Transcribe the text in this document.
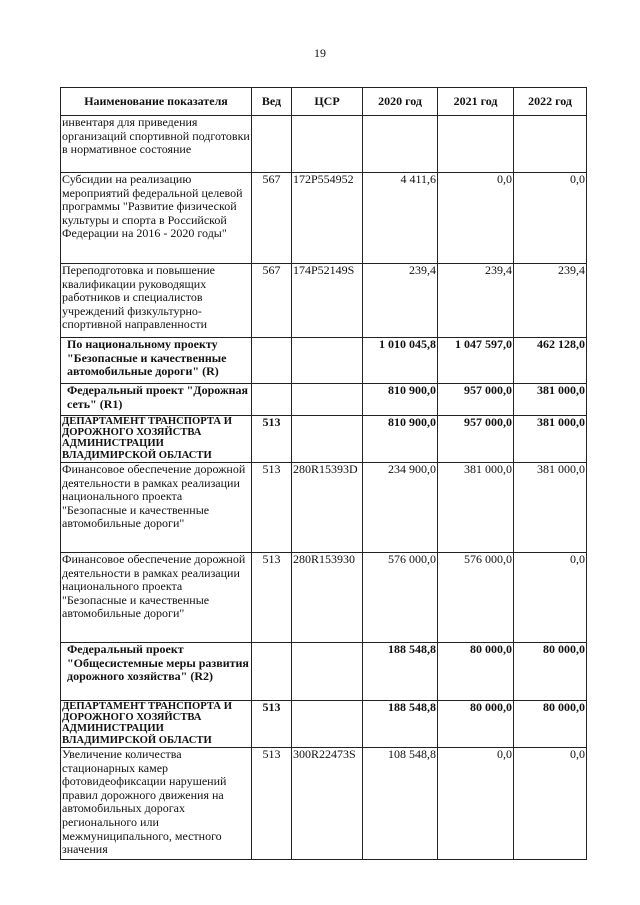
19
Наименование показателя	Вед	ЦСР	2020 год	2021 год	2022 год
инвентаря для приведения организаций спортивной подготовки в нормативное состояние					
Субсидии на реализацию мероприятий федеральной целевой программы "Развитие физической культуры и спорта в Российской Федерации на 2016 - 2020 годы"	567	172P554952	4 411,6	0,0	0,0
Переподготовка и повышение квалификации руководящих работников и специалистов учреждений физкультурно-спортивной направленности	567	174P52149S	239,4	239,4	239,4
По национальному проекту "Безопасные и качественные автомобильные дороги" (R)			1 010 045,8	1 047 597,0	462 128,0
Федеральный проект "Дорожная сеть" (R1)			810 900,0	957 000,0	381 000,0
ДЕПАРТАМЕНТ ТРАНСПОРТА И ДОРОЖНОГО ХОЗЯЙСТВА АДМИНИСТРАЦИИ ВЛАДИМИРСКОЙ ОБЛАСТИ	513		810 900,0	957 000,0	381 000,0
Финансовое обеспечение дорожной деятельности в рамках реализации национального проекта "Безопасные и качественные автомобильные дороги"	513	280R15393D	234 900,0	381 000,0	381 000,0
Финансовое обеспечение дорожной деятельности в рамках реализации национального проекта "Безопасные и качественные автомобильные дороги"	513	280R153930	576 000,0	576 000,0	0,0
Федеральный проект "Общесистемные меры развития дорожного хозяйства" (R2)			188 548,8	80 000,0	80 000,0
ДЕПАРТАМЕНТ ТРАНСПОРТА И ДОРОЖНОГО ХОЗЯЙСТВА АДМИНИСТРАЦИИ ВЛАДИМИРСКОЙ ОБЛАСТИ	513		188 548,8	80 000,0	80 000,0
Увеличение количества стационарных камер фотовидеофиксации нарушений правил дорожного движения на автомобильных дорогах регионального или межмуниципального, местного значения	513	300R22473S	108 548,8	0,0	0,0
